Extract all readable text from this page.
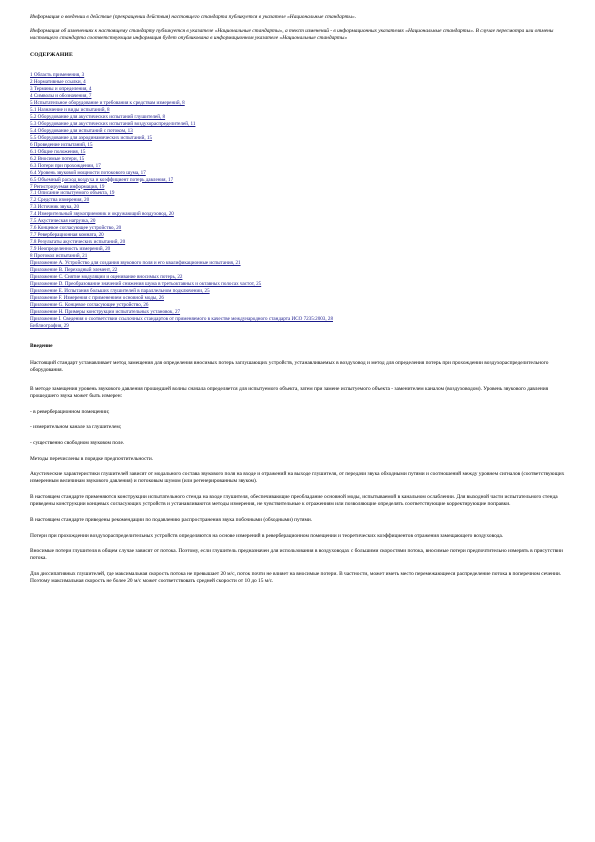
Информация о введении в действие (прекращении действия) настоящего стандарта публикуется в указателе «Национальные стандарты».

Информация об изменениях к настоящему стандарту публикуется в указателе «Национальные стандарты», а текст изменений - в информационных указателях «Национальные стандарты». В случае пересмотра или отмены настоящего стандарта соответствующая информация будет опубликована в информационном указателе «Национальные стандарты»

СОДЕРЖАНИЕ
1 Область применения, 3
2 Нормативные ссылки, 4
3 Термины и определения, 4
4 Символы и обозначения, 7
5 Испытательное оборудование и требования к средствам измерений, 8
5.1 Назначение и виды испытаний, 8
5.2 Оборудование для акустических испытаний глушителей, 8
5.3 Оборудование для акустических испытаний воздухораспределителей, 11
5.4 Оборудование для испытаний с потоком, 13
5.5 Оборудование для аэродинамических испытаний, 15
6 Проведение испытаний, 15
6.1 Общие положения, 15
6.2 Вносимые потери, 15
6.3 Потери при прохождении, 17
6.4 Уровень звуковой мощности потокового шума, 17
6.5 Объемный расход воздуха и коэффициент потерь давления, 17
7 Регистрируемая информация, 19
7.1 Описание испытуемого объекта, 19
7.2 Средства измерения, 20
7.3 Источник звука, 20
7.4 Измерительный звукоприемник и окружающий воздуховод, 20
7.5 Акустическая нагрузка, 20
7.6 Концевое согласующее устройство, 20
7.7 Реверберационная комната, 20
7.8 Результаты акустических испытаний, 20
7.9 Неопределенность измерений, 20
8 Протокол испытаний, 21
Приложение А. Устройство для создания звукового поля и его квалификационные испытания, 21
Приложение В. Переходный элемент, 22
Приложение С. Снятие модуляции и оценивание вносимых потерь, 22
Приложение D. Преобразование значений снижения шума в третьоктавных и октавных полосах частот, 25
Приложение Е. Испытания больших глушителей в параллельном подключении, 25
Приложение F. Измерения с применением основной моды, 26
Приложение G. Концевое согласующее устройство, 26
Приложение Н. Примеры конструкции испытательных установок, 27
Приложение I. Сведения о соответствии ссылочных стандартов от применяемого в качестве международного стандарта ИСО 7235:2003, 28
Библиография, 29
Введение

Настоящий стандарт устанавливает метод замещения для определения вносимых потерь заглушающих устройств, устанавливаемых в воздуховод и метод для определения потерь при прохождении воздухораспределительного оборудования.

В методе замещения уровень звукового давления прошедшей волны сначала определяется для испытуемого объекта, затем при замене испытуемого объекта - заменителем каналом (воздуховодом). Уровень звукового давления прошедшего звука может быть измерен:

- в реверберационном помещении;

- измерительном канале за глушителем;

- существенно свободном звуковом поле.

Методы перечислены в порядке предпочтительности.

Акустические характеристики глушителей зависят от модального состава звукового поля на входе и отражений на выходе глушителя, от передачи звука обходными путями и соотношений между уровнем сигналов (соответствующих измеренным величинам звукового давления) и потоковым шумом (или регенерированным звуком).

В настоящем стандарте применяются конструкции испытательного стенда на входе глушителя, обеспечивающие преобладание основной моды, испытываемой в канальном ослаблении. Для выходной части испытательного стенда приведены конструкции концевых согласующих устройств и устанавливаются методы измерения, не чувствительные к отражениям или позволяющие определять соответствующие корректирующие поправки.

В настоящем стандарте приведены рекомендации по подавлению распространения звука побочными (обходными) путями.

Потери при прохождении воздухораспределительных устройств определяются на основе измерений в реверберационном помещении и теоретических коэффициентов отражения замещающего воздуховода.

Вносимые потери глушителя в общем случае зависят от потока. Поэтому, если глушитель предназначен для использования в воздуховодах с большими скоростями потока, вносимые потери предпочтительно измерять в присутствии потока.

Для диссипативных глушителей, где максимальная скорость потока не превышает 20 м/с, поток почти не влияет на вносимые потери. В частности, может иметь место перемежающееся распределение потока в поперечном сечении. Поэтому максимальная скорость не более 20 м/с может соответствовать средней скорости от 10 до 15 м/с.
